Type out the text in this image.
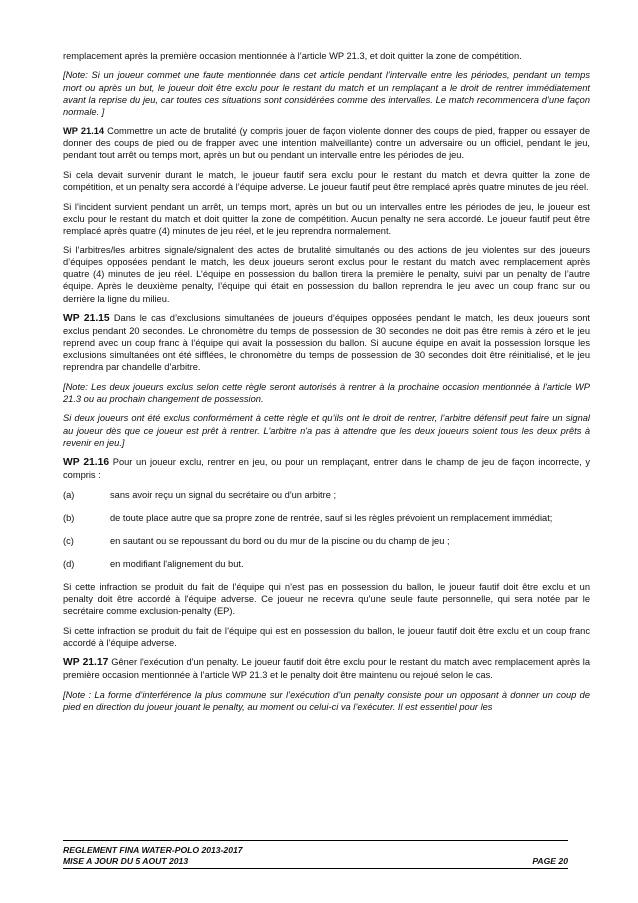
remplacement après la première occasion mentionnée à l’article WP 21.3, et doit quitter la zone de compétition.

[Note: Si un joueur commet une faute mentionnée dans cet article pendant l’intervalle entre les périodes, pendant un temps mort ou après un but, le joueur doit être exclu pour le restant du match et un remplaçant a le droit de rentrer immédiatement avant la reprise du jeu, car toutes ces situations sont considérées comme des intervalles. Le match recommencera d’une façon normale. ]

WP 21.14 Commettre un acte de brutalité (y compris jouer de façon violente donner des coups de pied, frapper ou essayer de donner des coups de pied ou de frapper avec une intention malveillante) contre un adversaire ou un officiel, pendant le jeu, pendant tout arrêt ou temps mort, après un but ou pendant un intervalle entre les périodes de jeu.

Si cela devait survenir durant le match, le joueur fautif sera exclu pour le restant du match et devra quitter la zone de compétition, et un penalty sera accordé à l’équipe adverse. Le joueur fautif peut être remplacé après quatre minutes de jeu réel.

Si l’incident survient pendant un arrêt, un temps mort, après un but ou un intervalles entre les périodes de jeu, le joueur est exclu pour le restant du match et doit quitter la zone de compétition. Aucun penalty ne sera accordé. Le joueur fautif peut être remplacé après quatre (4) minutes de jeu réel, et le jeu reprendra normalement.

Si l’arbitres/les arbitres signale/signalent des actes de brutalité simultanés ou des actions de jeu violentes sur des joueurs d’équipes opposées pendant le match, les deux joueurs seront exclus pour le restant du match avec remplacement après quatre (4) minutes de jeu réel. L’équipe en possession du ballon tirera la première le penalty, suivi par un penalty de l’autre équipe. Après le deuxième penalty, l’équipe qui était en possession du ballon reprendra le jeu avec un coup franc sur ou derrière la ligne du milieu.

WP 21.15 Dans le cas d’exclusions simultanées de joueurs d’équipes opposées pendant le match, les deux joueurs sont exclus pendant 20 secondes. Le chronomètre du temps de possession de 30 secondes ne doit pas être remis à zéro et le jeu reprend avec un coup franc à l’équipe qui avait la possession du ballon. Si aucune équipe en avait la possession lorsque les exclusions simultanées ont été sifflées, le chronomètre du temps de possession de 30 secondes doit être réinitialisé, et le jeu reprendra par chandelle d’arbitre.

[Note: Les deux joueurs exclus selon cette règle seront autorisés à rentrer à la prochaine occasion mentionnée à l'article WP 21.3 ou au prochain changement de possession.

Si deux joueurs ont été exclus conformément à cette règle et qu’ils ont le droit de rentrer, l’arbitre défensif peut faire un signal au joueur dès que ce joueur est prêt à rentrer. L'arbitre n'a pas à attendre que les deux joueurs soient tous les deux prêts à revenir en jeu.]

WP 21.16 Pour un joueur exclu, rentrer en jeu, ou pour un remplaçant, entrer dans le champ de jeu de façon incorrecte, y compris :

(a)	sans avoir reçu un signal du secrétaire ou d'un arbitre ;
(b)	de toute place autre que sa propre zone de rentrée, sauf si les règles prévoient un remplacement immédiat;
(c)	en sautant ou se repoussant du bord ou du mur de la piscine ou du champ de jeu ;
(d)	en modifiant l'alignement du but.

Si cette infraction se produit du fait de l’équipe qui n’est pas en possession du ballon, le joueur fautif doit être exclu et un penalty doit être accordé à l'équipe adverse. Ce joueur ne recevra qu’une seule faute personnelle, qui sera notée par le secrétaire comme exclusion-penalty (EP).

Si cette infraction se produit du fait de l’équipe qui est en possession du ballon, le joueur fautif doit être exclu et un coup franc accordé à l’équipe adverse.

WP 21.17 Gêner l'exécution d'un penalty. Le joueur fautif doit être exclu pour le restant du match avec remplacement après la première occasion mentionnée à l’article WP 21.3 et le penalty doit être maintenu ou rejoué selon le cas.

[Note : La forme d’interférence la plus commune sur l’exécution d’un penalty consiste pour un opposant à donner un coup de pied en direction du joueur jouant le penalty, au moment ou celui-ci va l’exécuter. Il est essentiel pour les

REGLEMENT FINA WATER-POLO 2013-2017
MISE A JOUR DU 5 AOUT 2013	PAGE 20
